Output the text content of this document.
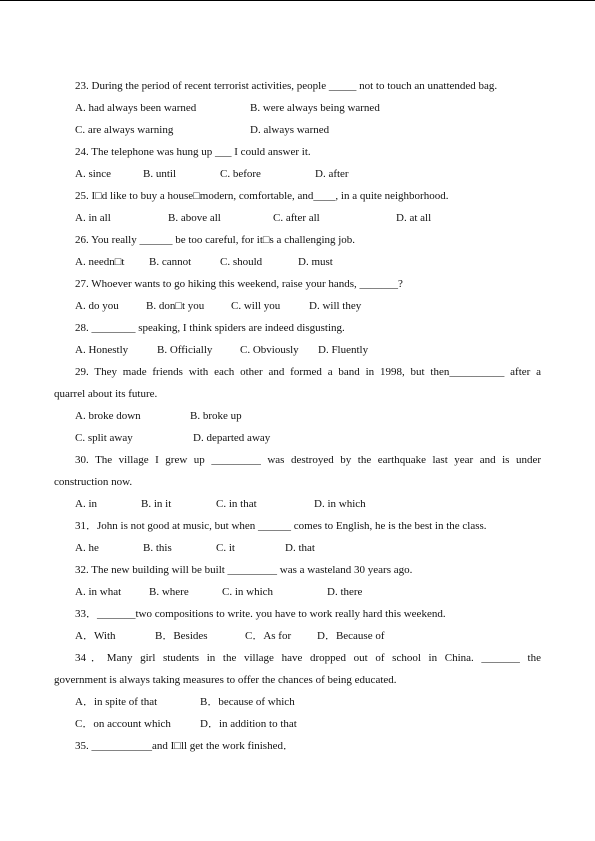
23. During the period of recent terrorist activities, people _____ not to touch an unattended bag.
A. had always been warned	B. were always being warned
C. are always warning	D. always warned
24. The telephone was hung up ___ I could answer it.
A. since	B. until	C. before	D. after
25. I□d like to buy a house□modern, comfortable, and____, in a quite neighborhood.
A. in all	B. above all	C. after all	D. at all
26. You really ______ be too careful, for it□s a challenging job.
A. needn□t B. cannot	C. should	D. must
27. Whoever wants to go hiking this weekend, raise your hands, _______?
A. do you B. don□t you C. will you	D. will they
28. ________ speaking, I think spiders are indeed disgusting.
A. Honestly	B. Officially	C. Obviously D. Fluently
29. They made friends with each other and formed a band in 1998, but then__________ after a
quarrel about its future.
A. broke down	B. broke up
C. split away	D. departed away
30. The village I grew up _________ was destroyed by the earthquake last year and is under
construction now.
A. in	B. in it	C. in that	D. in which
31．John is not good at music, but when ______ comes to English, he is the best in the class.
A. he	B. this	C. it	D. that
32. The new building will be built _________ was a wasteland 30 years ago.
A. in what	B. where	C. in which	D. there
33．_______two compositions to write. you have to work really hard this weekend.
A．With	B．Besides	C．As for D．Because of
34．Many girl students in the village have dropped out of school in China. _______ the
government is always taking measures to offer the chances of being educated.
A．in spite of that	B．because of which
C．on account which	D．in addition to that
35. ___________and I□ll get the work finished．
